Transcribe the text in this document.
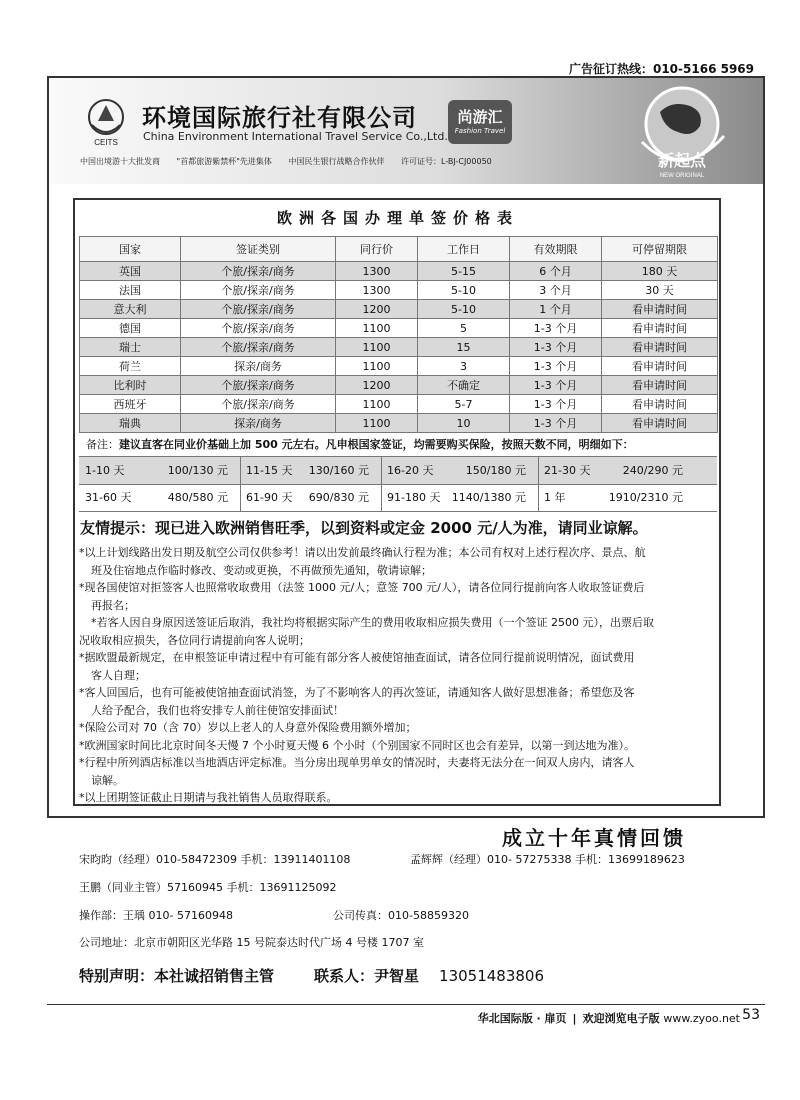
广告征订热线：010-5166 5969
CEITS
环境国际旅行社有限公司
China Environment International Travel Service Co.,Ltd.
尚游汇
Fashion Travel
中国出境游十大批发商 "首都旅游紫禁杯"先进集体 中国民生银行战略合作伙伴 许可证号：L-BJ-CJ00050	新起点
NEW ORIGINAL
欧洲各国办理单签价格表
国家	签证类别	同行价	工作日	有效期限	可停留期限
英国	个旅/探亲/商务	1300	5-15	6 个月	180 天
法国	个旅/探亲/商务	1300	5-10	3 个月	30 天
意大利	个旅/探亲/商务	1200	5-10	1 个月	看申请时间
德国	个旅/探亲/商务	1100	5	1-3 个月	看申请时间
瑞士	个旅/探亲/商务	1100	15	1-3 个月	看申请时间
荷兰	探亲/商务	1100	3	1-3 个月	看申请时间
比利时	个旅/探亲/商务	1200	不确定	1-3 个月	看申请时间
西班牙	个旅/探亲/商务	1100	5-7	1-3 个月	看申请时间
瑞典	探亲/商务	1100	10	1-3 个月	看申请时间
备注：建议直客在同业价基础上加 500 元左右。凡申根国家签证，均需要购买保险，按照天数不同，明细如下：
1-10 天	100/130 元 11-15 天 130/160 元 16-20 天	150/180 元 21-30 天	240/290 元
31-60 天	480/580 元 61-90 天 690/830 元 91-180 天 1140/1380 元 1 年	1910/2310 元
友情提示：现已进入欧洲销售旺季，以到资料或定金 2000 元/人为准，请同业谅解。

*以上计划线路出发日期及航空公司仅供参考！请以出发前最终确认行程为准；本公司有权对上述行程次序、景点、航

班及住宿地点作临时修改、变动或更换，不再做预先通知，敬请谅解；

*现各国使馆对拒签客人也照常收取费用（法签 1000 元/人；意签 700 元/人），请各位同行提前向客人收取签证费后

再报名；

*若客人因自身原因送签证后取消，我社均将根据实际产生的费用收取相应损失费用（一个签证 2500 元），出票后取

况收取相应损失，各位同行请提前向客人说明；

*据欧盟最新规定，在申根签证申请过程中有可能有部分客人被使馆抽查面试，请各位同行提前说明情况，面试费用

客人自理；

*客人回国后，也有可能被使馆抽查面试消签，为了不影响客人的再次签证，请通知客人做好思想准备；希望您及客

人给予配合，我们也将安排专人前往使馆安排面试！

*保险公司对 70（含 70）岁以上老人的人身意外保险费用额外增加；

*欧洲国家时间比北京时间冬天慢 7 个小时夏天慢 6 个小时（个别国家不同时区也会有差异，以第一到达地为准）。

*行程中所列酒店标准以当地酒店评定标准。当分房出现单男单女的情况时，夫妻将无法分在一间双人房内，请客人

谅解。

*以上团期签证截止日期请与我社销售人员取得联系。

成立十年真情回馈
宋昀昀（经理）010-58472309 手机：13911401108	孟辉辉（经理）010- 57275338 手机：13699189623
王鹏（同业主管）57160945 手机：13691125092
操作部：王瑀 010- 57160948	公司传真：010-58859320
公司地址：北京市朝阳区光华路 15 号院泰达时代广场 4 号楼 1707 室
特别声明：本社诚招销售主管	联系人：尹智星 13051483806
华北国际版 · 扉页 | 欢迎浏览电子版 www.zyoo.net 53
